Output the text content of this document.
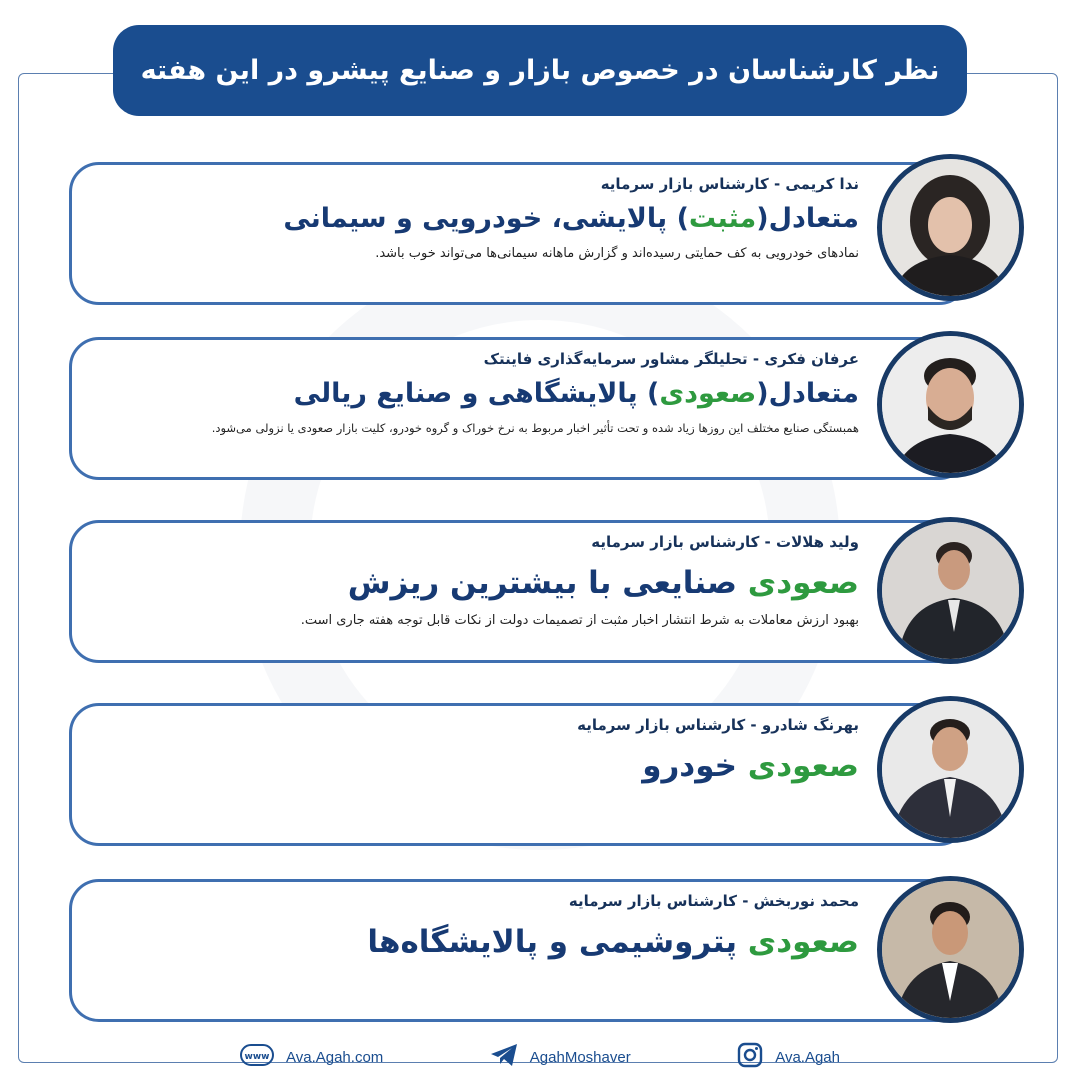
نظر کارشناسان در خصوص بازار و صنایع پیشرو در این هفته
ندا کریمی - کارشناس بازار سرمایه
متعادل(مثبت) پالایشی، خودرویی و سیمانی
نمادهای خودرویی به کف حمایتی رسیده‌اند و گزارش ماهانه سیمانی‌ها می‌تواند خوب باشد.
عرفان فکری - تحلیلگر مشاور سرمایه‌گذاری فاینتک
متعادل(صعودی) پالایشگاهی و صنایع ریالی
همبستگی صنایع مختلف این روزها زیاد شده و تحت تأثیر اخبار مربوط به نرخ خوراک و گروه خودرو، کلیت بازار صعودی یا نزولی می‌شود.
ولید هلالات - کارشناس بازار سرمایه
صعودی صنایعی با بیشترین ریزش
بهبود ارزش معاملات به شرط انتشار اخبار مثبت از تصمیمات دولت از نکات قابل توجه هفته جاری است.
بهرنگ شادرو - کارشناس بازار سرمایه
صعودی خودرو
محمد نوربخش - کارشناس بازار سرمایه
صعودی پتروشیمی و پالایشگاه‌ها
www Ava.Agah.com	AgahMoshaver	Ava.Agah
